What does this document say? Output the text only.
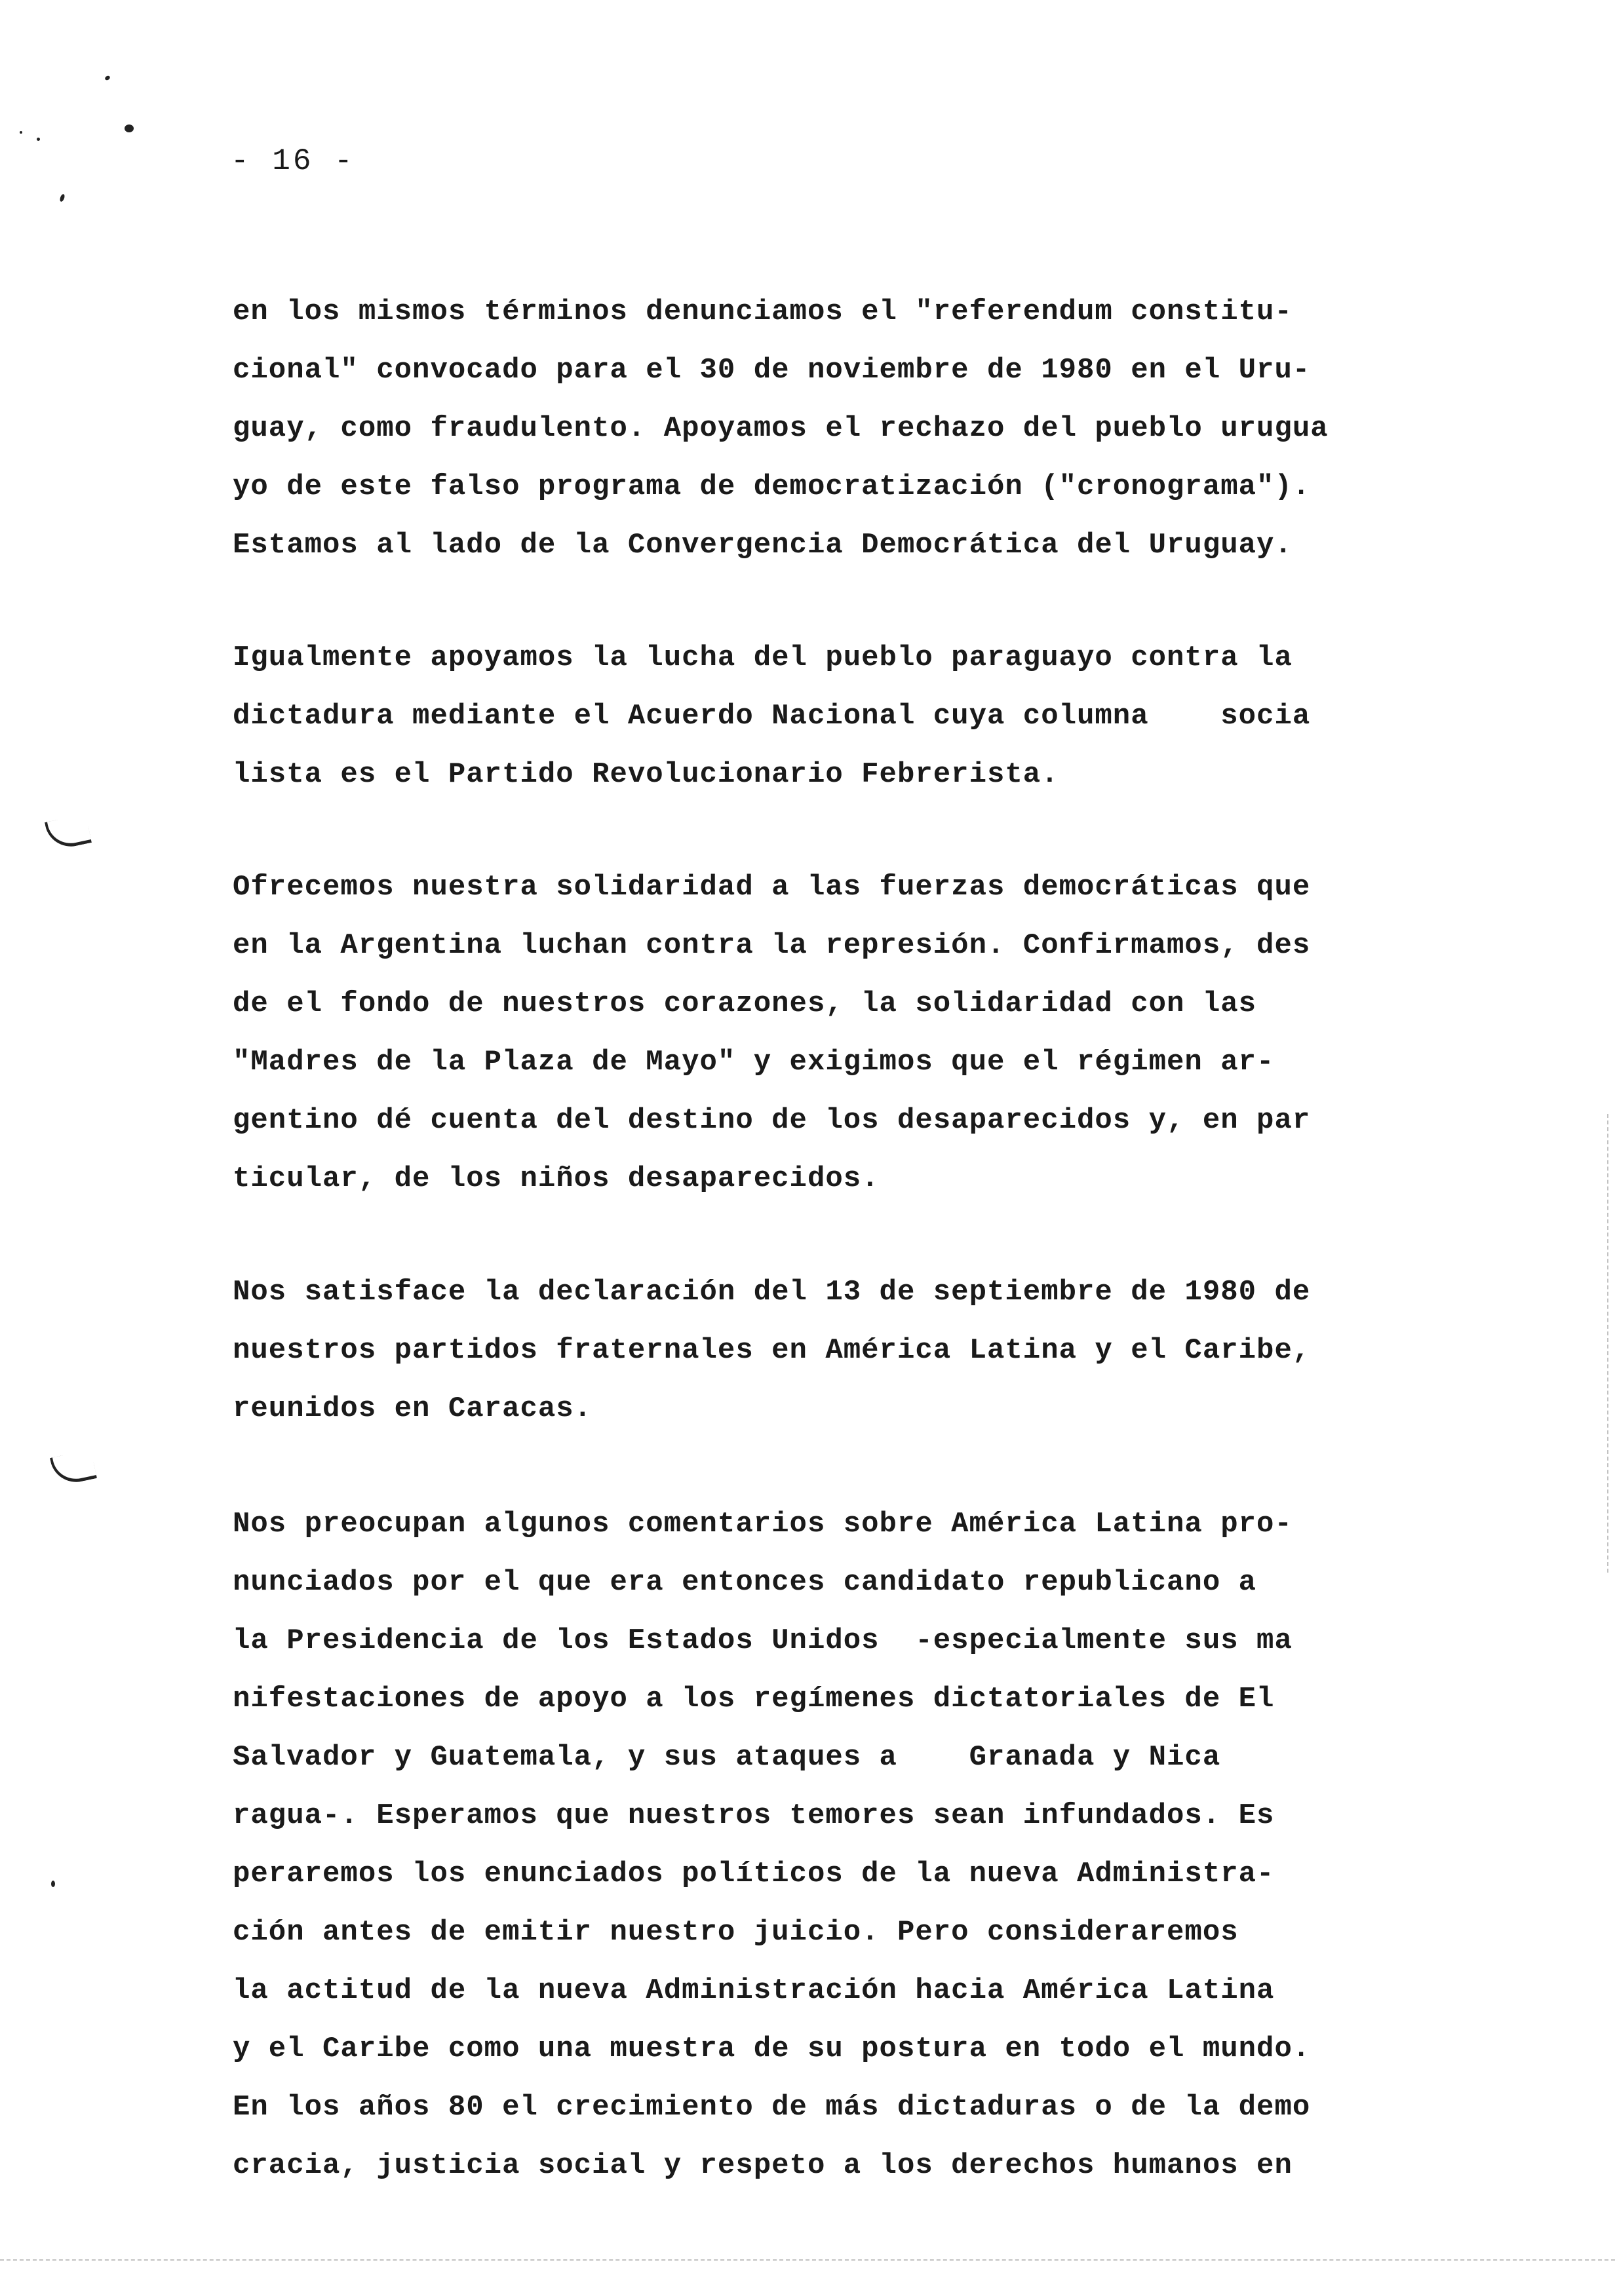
- 16 -
en los mismos términos denunciamos el "referendum constitu-
cional" convocado para el 30 de noviembre de 1980 en el Uru-
guay, como fraudulento. Apoyamos el rechazo del pueblo urugua
yo de este falso programa de democratización ("cronograma").
Estamos al lado de la Convergencia Democrática del Uruguay.
Igualmente apoyamos la lucha del pueblo paraguayo contra la
dictadura mediante el Acuerdo Nacional cuya columna    socia
lista es el Partido Revolucionario Febrerista.
Ofrecemos nuestra solidaridad a las fuerzas democráticas que
en la Argentina luchan contra la represión. Confirmamos, des
de el fondo de nuestros corazones, la solidaridad con las
"Madres de la Plaza de Mayo" y exigimos que el régimen ar-
gentino dé cuenta del destino de los desaparecidos y, en par
ticular, de los niños desaparecidos.
Nos satisface la declaración del 13 de septiembre de 1980 de
nuestros partidos fraternales en América Latina y el Caribe,
reunidos en Caracas.
Nos preocupan algunos comentarios sobre América Latina pro-
nunciados por el que era entonces candidato republicano a
la Presidencia de los Estados Unidos  -especialmente sus ma
nifestaciones de apoyo a los regímenes dictatoriales de El
Salvador y Guatemala, y sus ataques a    Granada y Nica
ragua-. Esperamos que nuestros temores sean infundados. Es
peraremos los enunciados políticos de la nueva Administra-
ción antes de emitir nuestro juicio. Pero consideraremos
la actitud de la nueva Administración hacia América Latina
y el Caribe como una muestra de su postura en todo el mundo.
En los años 80 el crecimiento de más dictaduras o de la demo
cracia, justicia social y respeto a los derechos humanos en
